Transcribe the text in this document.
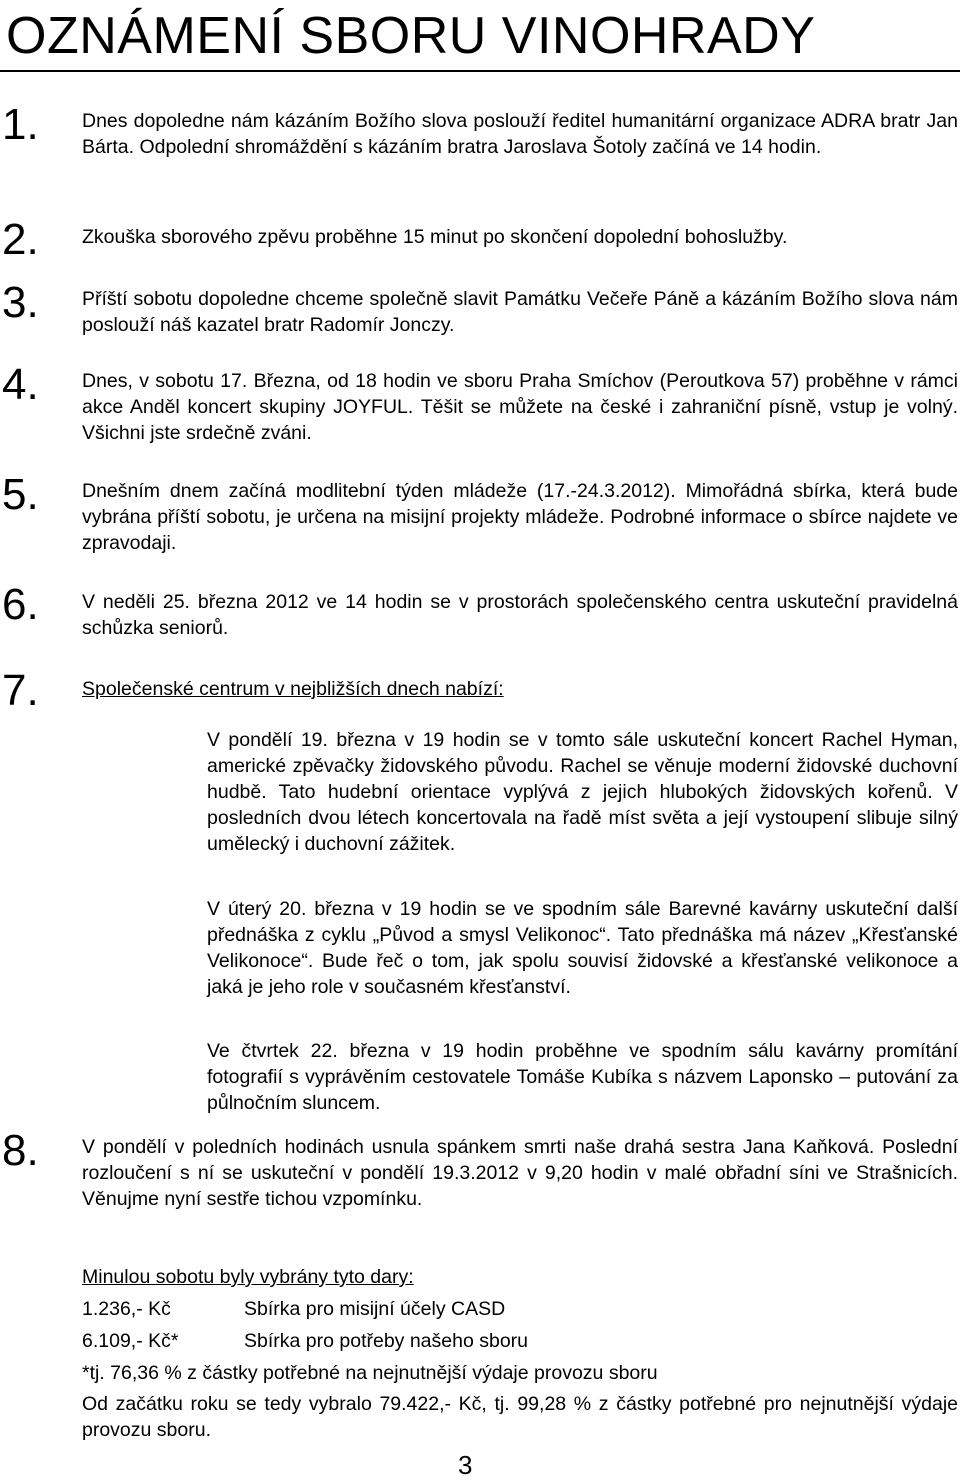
OZNÁMENÍ SBORU VINOHRADY
1. Dnes dopoledne nám kázáním Božího slova poslouží ředitel humanitární organizace ADRA bratr Jan Bárta. Odpolední shromáždění s kázáním bratra Jaroslava Šotoly začíná ve 14 hodin.
2. Zkouška sborového zpěvu proběhne 15 minut po skončení dopolední bohoslužby.
3. Příští sobotu dopoledne chceme společně slavit Památku Večeře Páně a kázáním Božího slova nám poslouží náš kazatel bratr Radomír Jonczy.
4. Dnes, v sobotu 17. Března, od 18 hodin ve sboru Praha Smíchov (Peroutkova 57) proběhne v rámci akce Anděl koncert skupiny JOYFUL. Těšit se můžete na české i zahraniční písně, vstup je volný. Všichni jste srdečně zváni.
5. Dnešním dnem začíná modlitební týden mládeže (17.-24.3.2012). Mimořádná sbírka, která bude vybrána příští sobotu, je určena na misijní projekty mládeže. Podrobné informace o sbírce najdete ve zpravodaji.
6. V neděli 25. března 2012 ve 14 hodin se v prostorách společenského centra uskuteční pravidelná schůzka seniorů.
7. Společenské centrum v nejbližších dnech nabízí:
V pondělí 19. března v 19 hodin se v tomto sále uskuteční koncert Rachel Hyman, americké zpěvačky židovského původu. Rachel se věnuje moderní židovské duchovní hudbě. Tato hudební orientace vyplývá z jejich hlubokých židovských kořenů. V posledních dvou létech koncertovala na řadě míst světa a její vystoupení slibuje silný umělecký i duchovní zážitek.
V úterý 20. března v 19 hodin se ve spodním sále Barevné kavárny uskuteční další přednáška z cyklu „Původ a smysl Velikonoc“. Tato přednáška má název „Křesťanské Velikonoce“. Bude řeč o tom, jak spolu souvisí židovské a křesťanské velikonoce a jaká je jeho role v současném křesťanství.
Ve čtvrtek 22. března v 19 hodin proběhne ve spodním sálu kavárny promítání fotografií s vyprávěním cestovatele Tomáše Kubíka s názvem Laponsko – putování za půlnočním sluncem.
8. V pondělí v poledních hodinách usnula spánkem smrti naše drahá sestra Jana Kaňková. Poslední rozloučení s ní se uskuteční v pondělí 19.3.2012 v 9,20 hodin v malé obřadní síni ve Strašnicích. Věnujme nyní sestře tichou vzpomínku.
Minulou sobotu byly vybrány tyto dary:
1.236,- Kč	Sbírka pro misijní účely CASD
6.109,- Kč*	Sbírka pro potřeby našeho sboru
*tj. 76,36 % z částky potřebné na nejnutnější výdaje provozu sboru
Od začátku roku se tedy vybralo 79.422,- Kč, tj. 99,28 % z částky potřebné pro nejnutnější výdaje provozu sboru.
3
